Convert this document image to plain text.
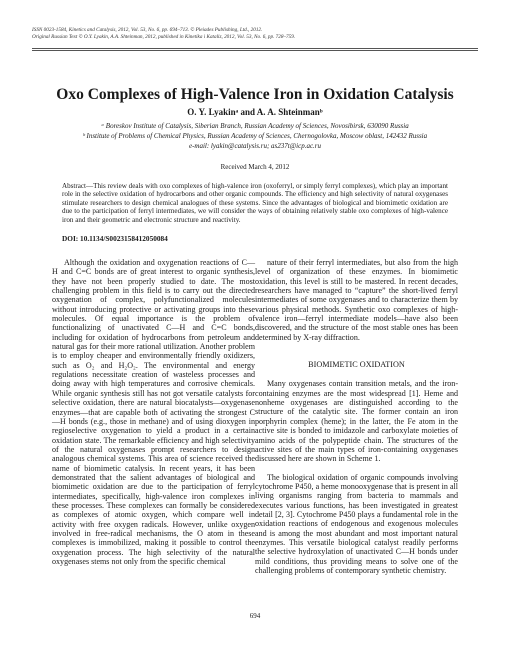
ISSN 0023-1584, Kinetics and Catalysis, 2012, Vol. 53, No. 6, pp. 694–713. © Pleiades Publishing, Ltd., 2012.
Original Russian Text © O.Y. Lyakin, A.A. Shteinman, 2012, published in Kinetika i Kataliz, 2012, Vol. 53, No. 6, pp. 728–759.
Oxo Complexes of High-Valence Iron in Oxidation Catalysis
O. Y. Lyakinᵃ and A. A. Shteinmanᵇ
ᵃ Boreskov Institute of Catalysis, Siberian Branch, Russian Academy of Sciences, Novosibirsk, 630090 Russia
ᵇ Institute of Problems of Chemical Physics, Russian Academy of Sciences, Chernogolovka, Moscow oblast, 142432 Russia
e-mail: lyakin@catalysis.ru; as237t@icp.ac.ru
Received March 4, 2012
Abstract—This review deals with oxo complexes of high-valence iron (oxoferryl, or simply ferryl complexes), which play an important role in the selective oxidation of hydrocarbons and other organic compounds. The efficiency and high selectivity of natural oxygenases stimulate researchers to design chemical analogues of these systems. Since the advantages of biological and biomimetic oxidation are due to the participation of ferryl intermediates, we will consider the ways of obtaining relatively stable oxo complexes of high-valence iron and their geometric and electronic structure and reactivity.
DOI: 10.1134/S0023158412050084

Although the oxidation and oxygenation reactions of C—H and C=C bonds are of great interest to organic synthesis, they have not been properly studied to date. The most challenging problem in this field is to carry out the directed oxygenation of complex, polyfunctionalized molecules without introducing protective or activating groups into these molecules. Of equal importance is the problem of functionalizing of unactivated C—H and C=C bonds, including for oxidation of hydrocarbons from petroleum and natural gas for their more rational utilization. Another problem is to employ cheaper and environmentally friendly oxidizers, such as O₂ and H₂O₂. The environmental and energy regulations necessitate creation of wasteless processes and doing away with high temperatures and corrosive chemicals. While organic synthesis still has not got versatile catalysts for selective oxidation, there are natural biocatalysts—oxygenase enzymes—that are capable both of activating the strongest C—H bonds (e.g., those in methane) and of using dioxygen in regioselective oxygenation to yield a product in a certain oxidation state. The remarkable efficiency and high selectivity of the natural oxygenases prompt researchers to design analogous chemical systems. This area of science received the name of biomimetic catalysis. In recent years, it has been demonstrated that the salient advantages of biological and biomimetic oxidation are due to the participation of ferryl intermediates, specifically, high-valence iron complexes in these processes. These complexes can formally be considered as complexes of atomic oxygen, which compare well in activity with free oxygen radicals. However, unlike oxygen involved in free-radical mechanisms, the O atom in these complexes is immobilized, making it possible to control the oxygenation process. The high selectivity of the natural oxygenases stems not only from the specific chemical

nature of their ferryl intermediates, but also from the high level of organization of these enzymes. In biomimetic oxidation, this level is still to be mastered. In recent decades, researchers have managed to “capture” the short-lived ferryl intermediates of some oxygenases and to characterize them by various physical methods. Synthetic oxo complexes of high-valence iron—ferryl intermediate models—have also been discovered, and the structure of the most stable ones has been determined by X-ray diffraction.

BIOMIMETIC OXIDATION

Many oxygenases contain transition metals, and the iron-containing enzymes are the most widespread [1]. Heme and nonheme oxygenases are distinguished according to the structure of the catalytic site. The former contain an iron porphyrin complex (heme); in the latter, the Fe atom in the active site is bonded to imidazole and carboxylate moieties of amino acids of the polypeptide chain. The structures of the active sites of the main types of iron-containing oxygenases discussed here are shown in Scheme 1.

The biological oxidation of organic compounds involving cytochrome P450, a heme monooxygenase that is present in all living organisms ranging from bacteria to mammals and executes various functions, has been investigated in greatest detail [2, 3]. Cytochrome P450 plays a fundamental role in the oxidation reactions of endogenous and exogenous molecules and is among the most abundant and most important natural enzymes. This versatile biological catalyst readily performs the selective hydroxylation of unactivated C—H bonds under mild conditions, thus providing means to solve one of the challenging problems of contemporary synthetic chemistry.

694
